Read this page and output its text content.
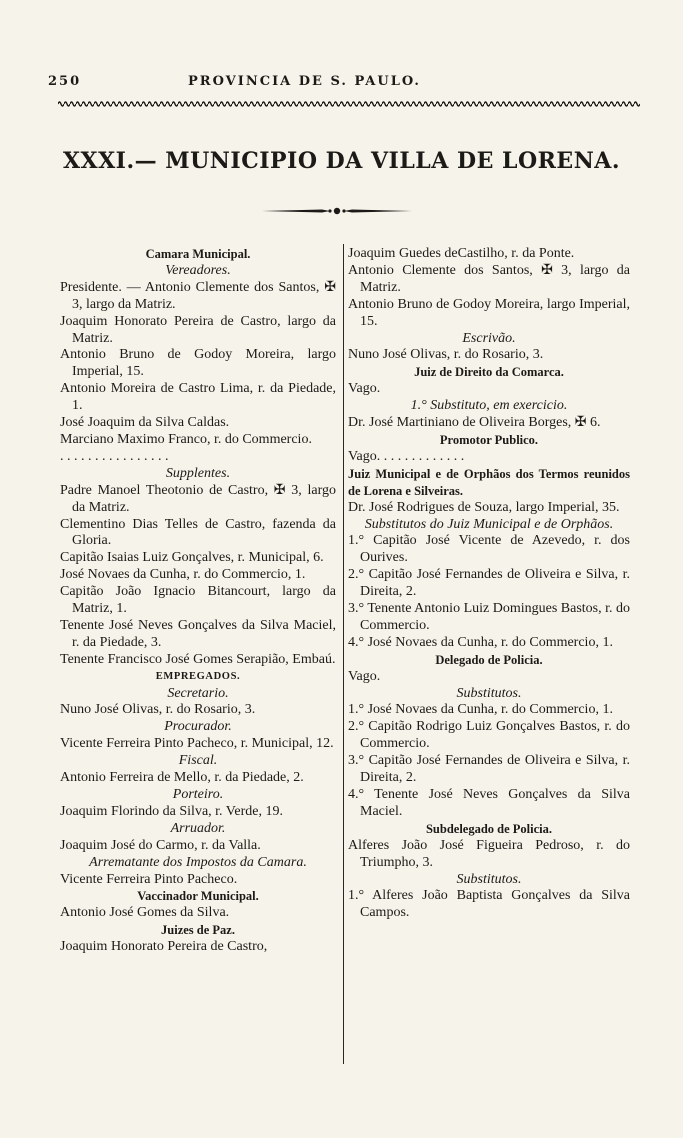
250	PROVINCIA DE S. PAULO.
XXXI.— MUNICIPIO DA VILLA DE LORENA.

Camara Municipal.

Vereadores.

Presidente. — Antonio Clemente dos Santos, ✠ 3, largo da Matriz.

Joaquim Honorato Pereira de Castro, largo da Matriz.

Antonio Bruno de Godoy Moreira, largo Imperial, 15.

Antonio Moreira de Castro Lima, r. da Piedade, 1.

José Joaquim da Silva Caldas.

Marciano Maximo Franco, r. do Commercio.

. . . . . . . . . . . . . . . .

Supplentes.

Padre Manoel Theotonio de Castro, ✠ 3, largo da Matriz.

Clementino Dias Telles de Castro, fazenda da Gloria.

Capitão Isaias Luiz Gonçalves, r. Municipal, 6.

José Novaes da Cunha, r. do Commercio, 1.

Capitão João Ignacio Bitancourt, largo da Matriz, 1.

Tenente José Neves Gonçalves da Silva Maciel, r. da Piedade, 3.

Tenente Francisco José Gomes Serapião, Embaú.

EMPREGADOS.

Secretario.

Nuno José Olivas, r. do Rosario, 3.

Procurador.

Vicente Ferreira Pinto Pacheco, r. Municipal, 12.

Fiscal.

Antonio Ferreira de Mello, r. da Piedade, 2.

Porteiro.

Joaquim Florindo da Silva, r. Verde, 19.

Arruador.

Joaquim José do Carmo, r. da Valla.

Arrematante dos Impostos da Camara.

Vicente Ferreira Pinto Pacheco.

Vaccinador Municipal.

Antonio José Gomes da Silva.

Juizes de Paz.

Joaquim Honorato Pereira de Castro,

Joaquim Guedes deCastilho, r. da Ponte.

Antonio Clemente dos Santos, ✠ 3, largo da Matriz.

Antonio Bruno de Godoy Moreira, largo Imperial, 15.

Escrivão.

Nuno José Olivas, r. do Rosario, 3.

Juiz de Direito da Comarca.

Vago.

1.° Substituto, em exercicio.

Dr. José Martiniano de Oliveira Borges, ✠ 6.

Promotor Publico.

Vago. . . . . . . . . . . . .

Juiz Municipal e de Orphãos dos Termos reunidos de Lorena e Silveiras.

Dr. José Rodrigues de Souza, largo Imperial, 35.

Substitutos do Juiz Municipal e de Orphãos.

1.° Capitão José Vicente de Azevedo, r. dos Ourives.

2.° Capitão José Fernandes de Oliveira e Silva, r. Direita, 2.

3.° Tenente Antonio Luiz Domingues Bastos, r. do Commercio.

4.° José Novaes da Cunha, r. do Commercio, 1.

Delegado de Policia.

Vago.

Substitutos.

1.° José Novaes da Cunha, r. do Commercio, 1.

2.° Capitão Rodrigo Luiz Gonçalves Bastos, r. do Commercio.

3.° Capitão José Fernandes de Oliveira e Silva, r. Direita, 2.

4.° Tenente José Neves Gonçalves da Silva Maciel.

Subdelegado de Policia.

Alferes João José Figueira Pedroso, r. do Triumpho, 3.

Substitutos.

1.° Alferes João Baptista Gonçalves da Silva Campos.
